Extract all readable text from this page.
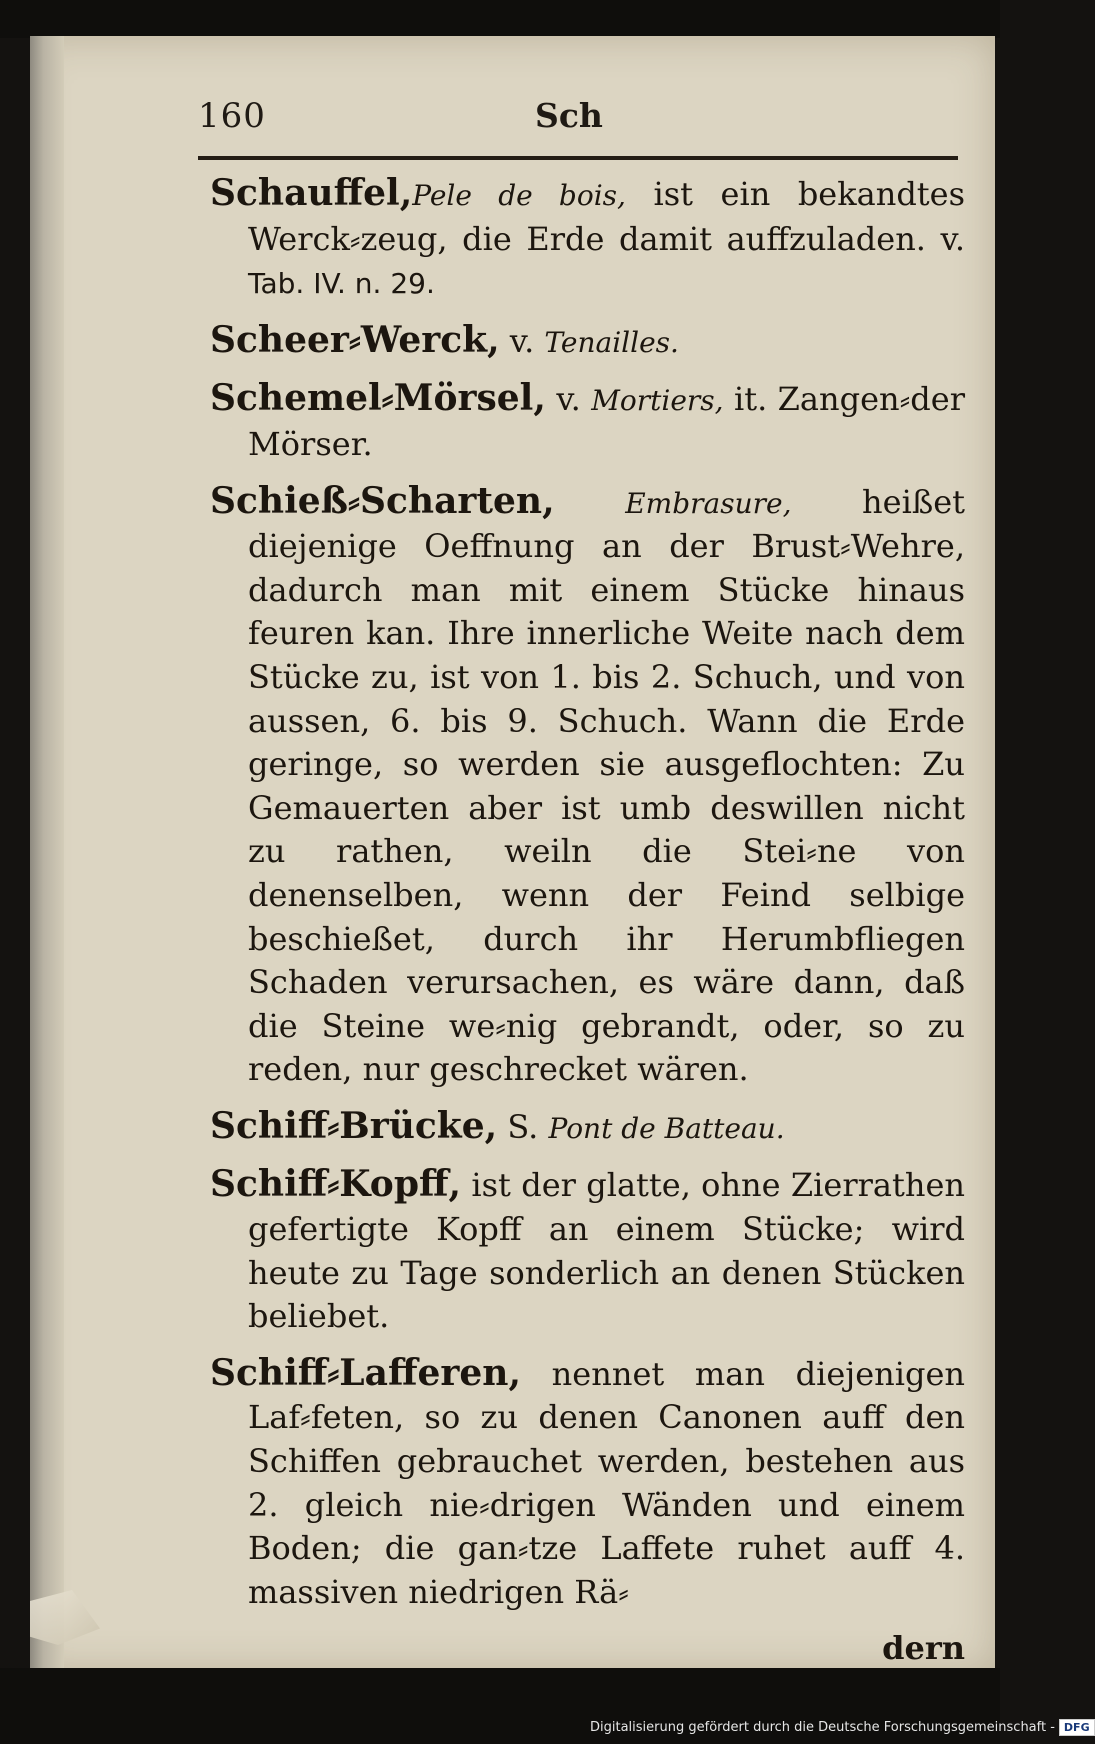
160	Sch

Schauffel,Pele de bois, ist ein bekandtes Werck⸗zeug, die Erde damit auffzuladen. v. Tab. IV. n. 29.

Scheer⸗Werck, v. Tenailles.

Schemel⸗Mörsel, v. Mortiers, it. Zangen⸗der Mörser.

Schieß⸗Scharten,	Embrasure, heißet diejenige Oeffnung an der Brust⸗Wehre, dadurch man mit einem Stücke hinaus feuren kan. Ihre innerliche Weite nach dem Stücke zu, ist von 1. bis 2. Schuch, und von aussen, 6. bis 9. Schuch. Wann die Erde geringe, so werden sie ausgeflochten: Zu Gemauerten aber ist umb deswillen nicht zu rathen, weiln die Stei⸗ne von denenselben, wenn der Feind selbige beschießet, durch ihr Herumbfliegen Schaden verursachen, es wäre dann, daß die Steine we⸗nig gebrandt, oder, so zu reden, nur geschrecket wären.

Schiff⸗Brücke, S. Pont de Batteau.

Schiff⸗Kopff, ist der glatte, ohne Zierrathen gefertigte Kopff an einem Stücke; wird heute zu Tage sonderlich an denen Stücken beliebet.

Schiff⸗Lafferen, nennet man diejenigen Laf⸗feten, so zu denen Canonen auff den Schiffen gebrauchet werden, bestehen aus 2. gleich nie⸗drigen Wänden und einem Boden; die gan⸗tze Laffete ruhet auff 4. massiven niedrigen Rä⸗

dern
Digitalisierung gefördert durch die Deutsche Forschungsgemeinschaft - DFG
